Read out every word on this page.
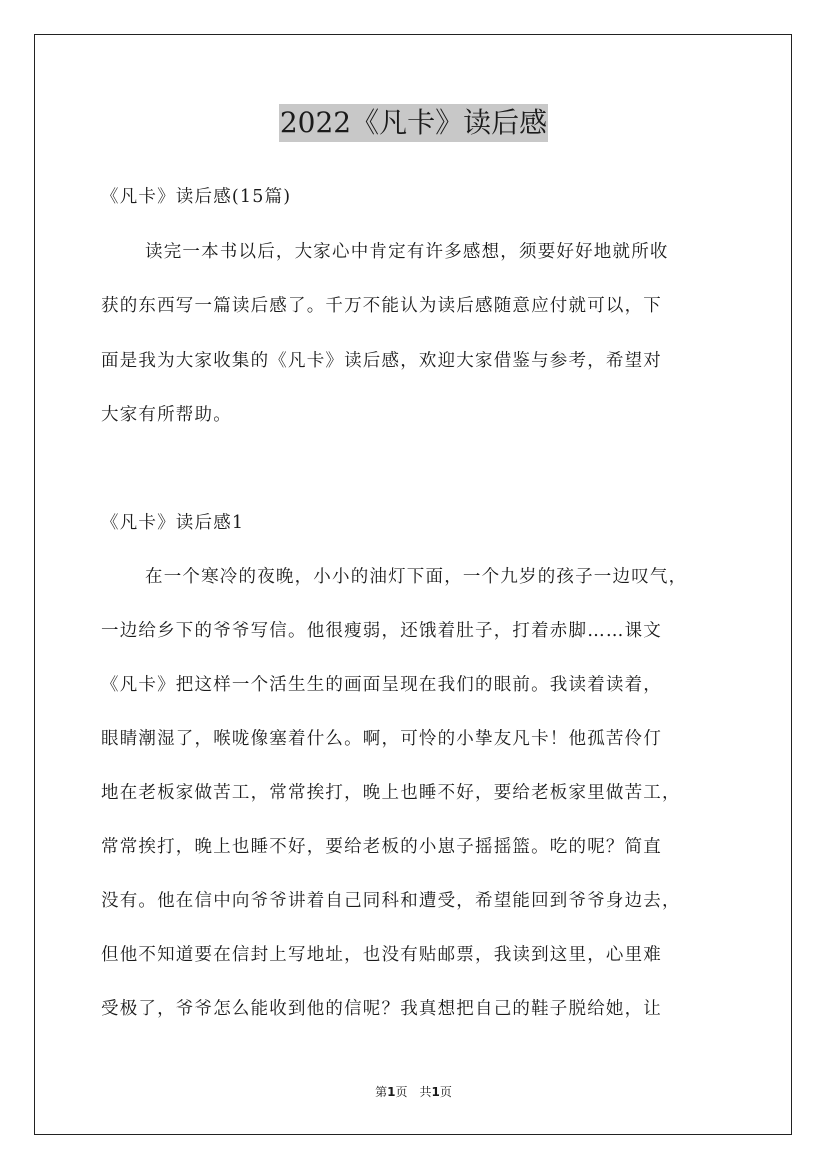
2022《凡卡》读后感
《凡卡》读后感(15篇)
读完一本书以后，大家心中肯定有许多感想，须要好好地就所收
获的东西写一篇读后感了。千万不能认为读后感随意应付就可以，下
面是我为大家收集的《凡卡》读后感，欢迎大家借鉴与参考，希望对
大家有所帮助。
《凡卡》读后感1
在一个寒冷的夜晚，小小的油灯下面，一个九岁的孩子一边叹气，
一边给乡下的爷爷写信。他很瘦弱，还饿着肚子，打着赤脚……课文
《凡卡》把这样一个活生生的画面呈现在我们的眼前。我读着读着，
眼睛潮湿了，喉咙像塞着什么。啊，可怜的小挚友凡卡！他孤苦伶仃
地在老板家做苦工，常常挨打，晚上也睡不好，要给老板家里做苦工，
常常挨打，晚上也睡不好，要给老板的小崽子摇摇篮。吃的呢？简直
没有。他在信中向爷爷讲着自己同科和遭受，希望能回到爷爷身边去，
但他不知道要在信封上写地址，也没有贴邮票，我读到这里，心里难
受极了，爷爷怎么能收到他的信呢？我真想把自己的鞋子脱给她，让
第1页　共1页
